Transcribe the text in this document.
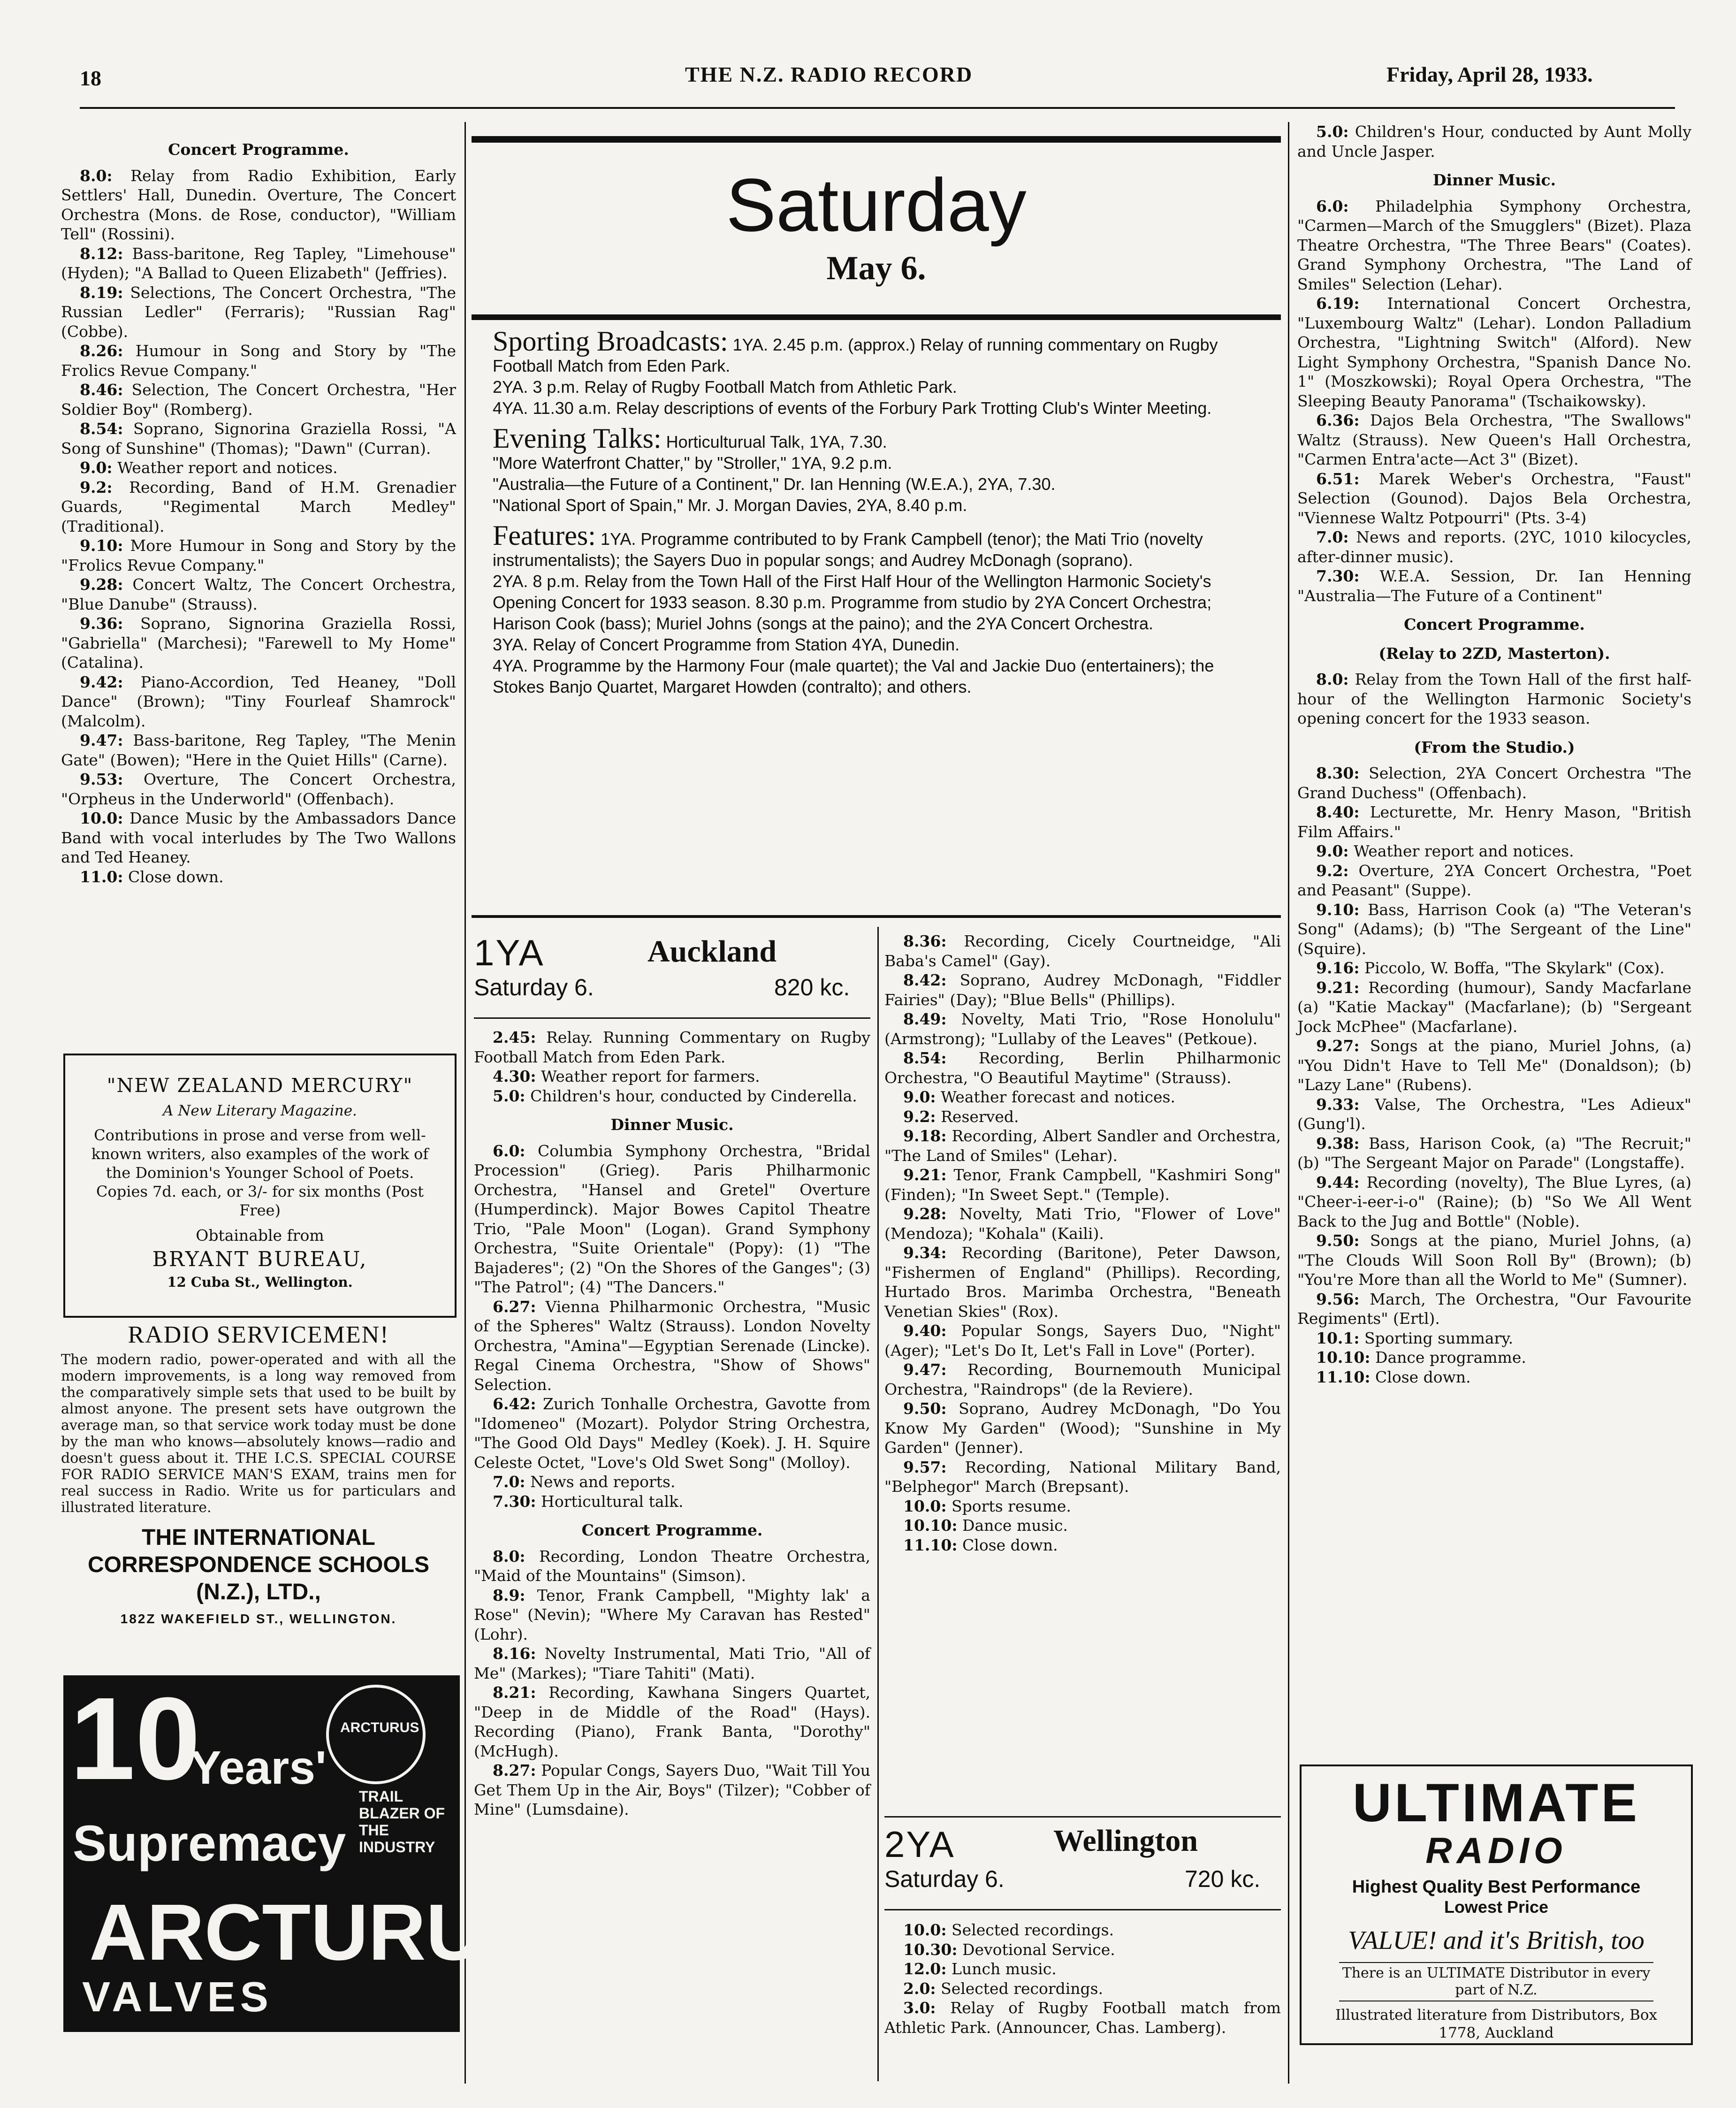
18	THE N.Z. RADIO RECORD	Friday, April 28, 1933.

Concert Programme.

8.0: Relay from Radio Exhibition, Early Settlers' Hall, Dunedin. Overture, The Concert Orchestra (Mons. de Rose, conductor), "William Tell" (Rossini).

8.12: Bass-baritone, Reg Tapley, "Limehouse" (Hyden); "A Ballad to Queen Elizabeth" (Jeffries).

8.19: Selections, The Concert Orchestra, "The Russian Ledler" (Ferraris); "Russian Rag" (Cobbe).

8.26: Humour in Song and Story by "The Frolics Revue Company."

8.46: Selection, The Concert Orchestra, "Her Soldier Boy" (Romberg).

8.54: Soprano, Signorina Graziella Rossi, "A Song of Sunshine" (Thomas); "Dawn" (Curran).

9.0: Weather report and notices.

9.2: Recording, Band of H.M. Grenadier Guards, "Regimental March Medley" (Traditional).

9.10: More Humour in Song and Story by the "Frolics Revue Company."

9.28: Concert Waltz, The Concert Orchestra, "Blue Danube" (Strauss).

9.36: Soprano, Signorina Graziella Rossi, "Gabriella" (Marchesi); "Farewell to My Home" (Catalina).

9.42: Piano-Accordion, Ted Heaney, "Doll Dance" (Brown); "Tiny Fourleaf Shamrock" (Malcolm).

9.47: Bass-baritone, Reg Tapley, "The Menin Gate" (Bowen); "Here in the Quiet Hills" (Carne).

9.53: Overture, The Concert Orchestra, "Orpheus in the Underworld" (Offenbach).

10.0: Dance Music by the Ambassadors Dance Band with vocal interludes by The Two Wallons and Ted Heaney.

11.0: Close down.

"NEW ZEALAND MERCURY"
A New Literary Magazine.
Contributions in prose and verse from well-known writers, also examples of the work of the Dominion's Younger School of Poets. Copies 7d. each, or 3/- for six months (Post Free)
Obtainable from
BRYANT BUREAU,
12 Cuba St., Wellington.
RADIO SERVICEMEN!
The modern radio, power-operated and with all the modern improvements, is a long way removed from the comparatively simple sets that used to be built by almost anyone. The present sets have outgrown the average man, so that service work today must be done by the man who knows—absolutely knows—radio and doesn't guess about it. THE I.C.S. SPECIAL COURSE FOR RADIO SERVICE MAN'S EXAM, trains men for real success in Radio. Write us for particulars and illustrated literature.
THE INTERNATIONAL CORRESPONDENCE SCHOOLS (N.Z.), LTD.,
182Z WAKEFIELD ST., WELLINGTON.
10
Years'
ARCTURUS
Supremacy
TRAIL BLAZER OF THE INDUSTRY
ARCTURUS
VALVES
Saturday
May 6.

Sporting Broadcasts: 1YA. 2.45 p.m. (approx.) Relay of running commentary on Rugby Football Match from Eden Park.

2YA. 3 p.m. Relay of Rugby Football Match from Athletic Park.

4YA. 11.30 a.m. Relay descriptions of events of the Forbury Park Trotting Club's Winter Meeting.

Evening Talks: Horticulturual Talk, 1YA, 7.30.

"More Waterfront Chatter," by "Stroller," 1YA, 9.2 p.m.

"Australia—the Future of a Continent," Dr. Ian Henning (W.E.A.), 2YA, 7.30.

"National Sport of Spain," Mr. J. Morgan Davies, 2YA, 8.40 p.m.

Features: 1YA. Programme contributed to by Frank Campbell (tenor); the Mati Trio (novelty instrumentalists); the Sayers Duo in popular songs; and Audrey McDonagh (soprano).

2YA. 8 p.m. Relay from the Town Hall of the First Half Hour of the Wellington Harmonic Society's Opening Concert for 1933 season. 8.30 p.m. Programme from studio by 2YA Concert Orchestra; Harison Cook (bass); Muriel Johns (songs at the paino); and the 2YA Concert Orchestra.

3YA. Relay of Concert Programme from Station 4YA, Dunedin.

4YA. Programme by the Harmony Four (male quartet); the Val and Jackie Duo (entertainers); the Stokes Banjo Quartet, Margaret Howden (contralto); and others.

1YA	Auckland
Saturday 6.	820 kc.

2.45: Relay. Running Commentary on Rugby Football Match from Eden Park.

4.30: Weather report for farmers.

5.0: Children's hour, conducted by Cinderella.

Dinner Music.

6.0: Columbia Symphony Orchestra, "Bridal Procession" (Grieg). Paris Philharmonic Orchestra, "Hansel and Gretel" Overture (Humperdinck). Major Bowes Capitol Theatre Trio, "Pale Moon" (Logan). Grand Symphony Orchestra, "Suite Orientale" (Popy): (1) "The Bajaderes"; (2) "On the Shores of the Ganges"; (3) "The Patrol"; (4) "The Dancers."

6.27: Vienna Philharmonic Orchestra, "Music of the Spheres" Waltz (Strauss). London Novelty Orchestra, "Amina"—Egyptian Serenade (Lincke). Regal Cinema Orchestra, "Show of Shows" Selection.

6.42: Zurich Tonhalle Orchestra, Gavotte from "Idomeneo" (Mozart). Polydor String Orchestra, "The Good Old Days" Medley (Koek). J. H. Squire Celeste Octet, "Love's Old Swet Song" (Molloy).

7.0: News and reports.

7.30: Horticultural talk.

Concert Programme.

8.0: Recording, London Theatre Orchestra, "Maid of the Mountains" (Simson).

8.9: Tenor, Frank Campbell, "Mighty lak' a Rose" (Nevin); "Where My Caravan has Rested" (Lohr).

8.16: Novelty Instrumental, Mati Trio, "All of Me" (Markes); "Tiare Tahiti" (Mati).

8.21: Recording, Kawhana Singers Quartet, "Deep in de Middle of the Road" (Hays). Recording (Piano), Frank Banta, "Dorothy" (McHugh).

8.27: Popular Congs, Sayers Duo, "Wait Till You Get Them Up in the Air, Boys" (Tilzer); "Cobber of Mine" (Lumsdaine).

8.36: Recording, Cicely Courtneidge, "Ali Baba's Camel" (Gay).

8.42: Soprano, Audrey McDonagh, "Fiddler Fairies" (Day); "Blue Bells" (Phillips).

8.49: Novelty, Mati Trio, "Rose Honolulu" (Armstrong); "Lullaby of the Leaves" (Petkoue).

8.54: Recording, Berlin Philharmonic Orchestra, "O Beautiful Maytime" (Strauss).

9.0: Weather forecast and notices.

9.2: Reserved.

9.18: Recording, Albert Sandler and Orchestra, "The Land of Smiles" (Lehar).

9.21: Tenor, Frank Campbell, "Kashmiri Song" (Finden); "In Sweet Sept." (Temple).

9.28: Novelty, Mati Trio, "Flower of Love" (Mendoza); "Kohala" (Kaili).

9.34: Recording (Baritone), Peter Dawson, "Fishermen of England" (Phillips). Recording, Hurtado Bros. Marimba Orchestra, "Beneath Venetian Skies" (Rox).

9.40: Popular Songs, Sayers Duo, "Night" (Ager); "Let's Do It, Let's Fall in Love" (Porter).

9.47: Recording, Bournemouth Municipal Orchestra, "Raindrops" (de la Reviere).

9.50: Soprano, Audrey McDonagh, "Do You Know My Garden" (Wood); "Sunshine in My Garden" (Jenner).

9.57: Recording, National Military Band, "Belphegor" March (Brepsant).

10.0: Sports resume.

10.10: Dance music.

11.10: Close down.

2YA	Wellington
Saturday 6.	720 kc.

10.0: Selected recordings.

10.30: Devotional Service.

12.0: Lunch music.

2.0: Selected recordings.

3.0: Relay of Rugby Football match from Athletic Park. (Announcer, Chas. Lamberg).

5.0: Children's Hour, conducted by Aunt Molly and Uncle Jasper.

Dinner Music.

6.0: Philadelphia Symphony Orchestra, "Carmen—March of the Smugglers" (Bizet). Plaza Theatre Orchestra, "The Three Bears" (Coates). Grand Symphony Orchestra, "The Land of Smiles" Selection (Lehar).

6.19: International Concert Orchestra, "Luxembourg Waltz" (Lehar). London Palladium Orchestra, "Lightning Switch" (Alford). New Light Symphony Orchestra, "Spanish Dance No. 1" (Moszkowski); Royal Opera Orchestra, "The Sleeping Beauty Panorama" (Tschaikowsky).

6.36: Dajos Bela Orchestra, "The Swallows" Waltz (Strauss). New Queen's Hall Orchestra, "Carmen Entra'acte—Act 3" (Bizet).

6.51: Marek Weber's Orchestra, "Faust" Selection (Gounod). Dajos Bela Orchestra, "Viennese Waltz Potpourri" (Pts. 3-4)

7.0: News and reports. (2YC, 1010 kilocycles, after-dinner music).

7.30: W.E.A. Session, Dr. Ian Henning "Australia—The Future of a Continent"

Concert Programme.

(Relay to 2ZD, Masterton).

8.0: Relay from the Town Hall of the first half-hour of the Wellington Harmonic Society's opening concert for the 1933 season.

(From the Studio.)

8.30: Selection, 2YA Concert Orchestra "The Grand Duchess" (Offenbach).

8.40: Lecturette, Mr. Henry Mason, "British Film Affairs."

9.0: Weather report and notices.

9.2: Overture, 2YA Concert Orchestra, "Poet and Peasant" (Suppe).

9.10: Bass, Harrison Cook (a) "The Veteran's Song" (Adams); (b) "The Sergeant of the Line" (Squire).

9.16: Piccolo, W. Boffa, "The Skylark" (Cox).

9.21: Recording (humour), Sandy Macfarlane (a) "Katie Mackay" (Macfarlane); (b) "Sergeant Jock McPhee" (Macfarlane).

9.27: Songs at the piano, Muriel Johns, (a) "You Didn't Have to Tell Me" (Donaldson); (b) "Lazy Lane" (Rubens).

9.33: Valse, The Orchestra, "Les Adieux" (Gung'l).

9.38: Bass, Harison Cook, (a) "The Recruit;" (b) "The Sergeant Major on Parade" (Longstaffe).

9.44: Recording (novelty), The Blue Lyres, (a) "Cheer-i-eer-i-o" (Raine); (b) "So We All Went Back to the Jug and Bottle" (Noble).

9.50: Songs at the piano, Muriel Johns, (a) "The Clouds Will Soon Roll By" (Brown); (b) "You're More than all the World to Me" (Sumner).

9.56: March, The Orchestra, "Our Favourite Regiments" (Ertl).

10.1: Sporting summary.

10.10: Dance programme.

11.10: Close down.

ULTIMATE
RADIO
Highest Quality Best Performance
Lowest Price
VALUE! and it's British, too
There is an ULTIMATE Distributor in every part of N.Z.
Illustrated literature from Distributors, Box 1778, Auckland
